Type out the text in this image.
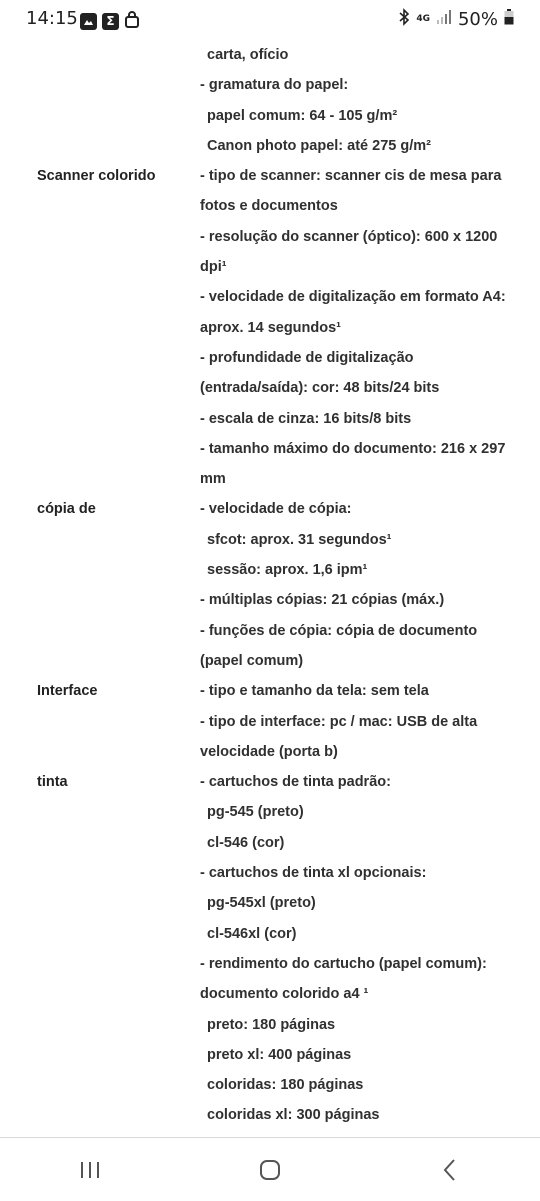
14:15	Σ	4G 50%
carta, ofício
- gramatura do papel:
papel comum: 64 - 105 g/m²
Canon photo papel: até 275 g/m²
Scanner colorido	- tipo de scanner: scanner cis de mesa para
fotos e documentos
- resolução do scanner (óptico): 600 x 1200
dpi¹
- velocidade de digitalização em formato A4:
aprox. 14 segundos¹
- profundidade de digitalização
(entrada/saída): cor: 48 bits/24 bits
- escala de cinza: 16 bits/8 bits
- tamanho máximo do documento: 216 x 297
mm
cópia de	- velocidade de cópia:
sfcot: aprox. 31 segundos¹
sessão: aprox. 1,6 ipm¹
- múltiplas cópias: 21 cópias (máx.)
- funções de cópia: cópia de documento
(papel comum)
Interface	- tipo e tamanho da tela: sem tela
- tipo de interface: pc / mac: USB de alta
velocidade (porta b)
tinta	- cartuchos de tinta padrão:
pg-545 (preto)
cl-546 (cor)
- cartuchos de tinta xl opcionais:
pg-545xl (preto)
cl-546xl (cor)
- rendimento do cartucho (papel comum):
documento colorido a4 ¹
preto: 180 páginas
preto xl: 400 páginas
coloridas: 180 páginas
coloridas xl: 300 páginas
